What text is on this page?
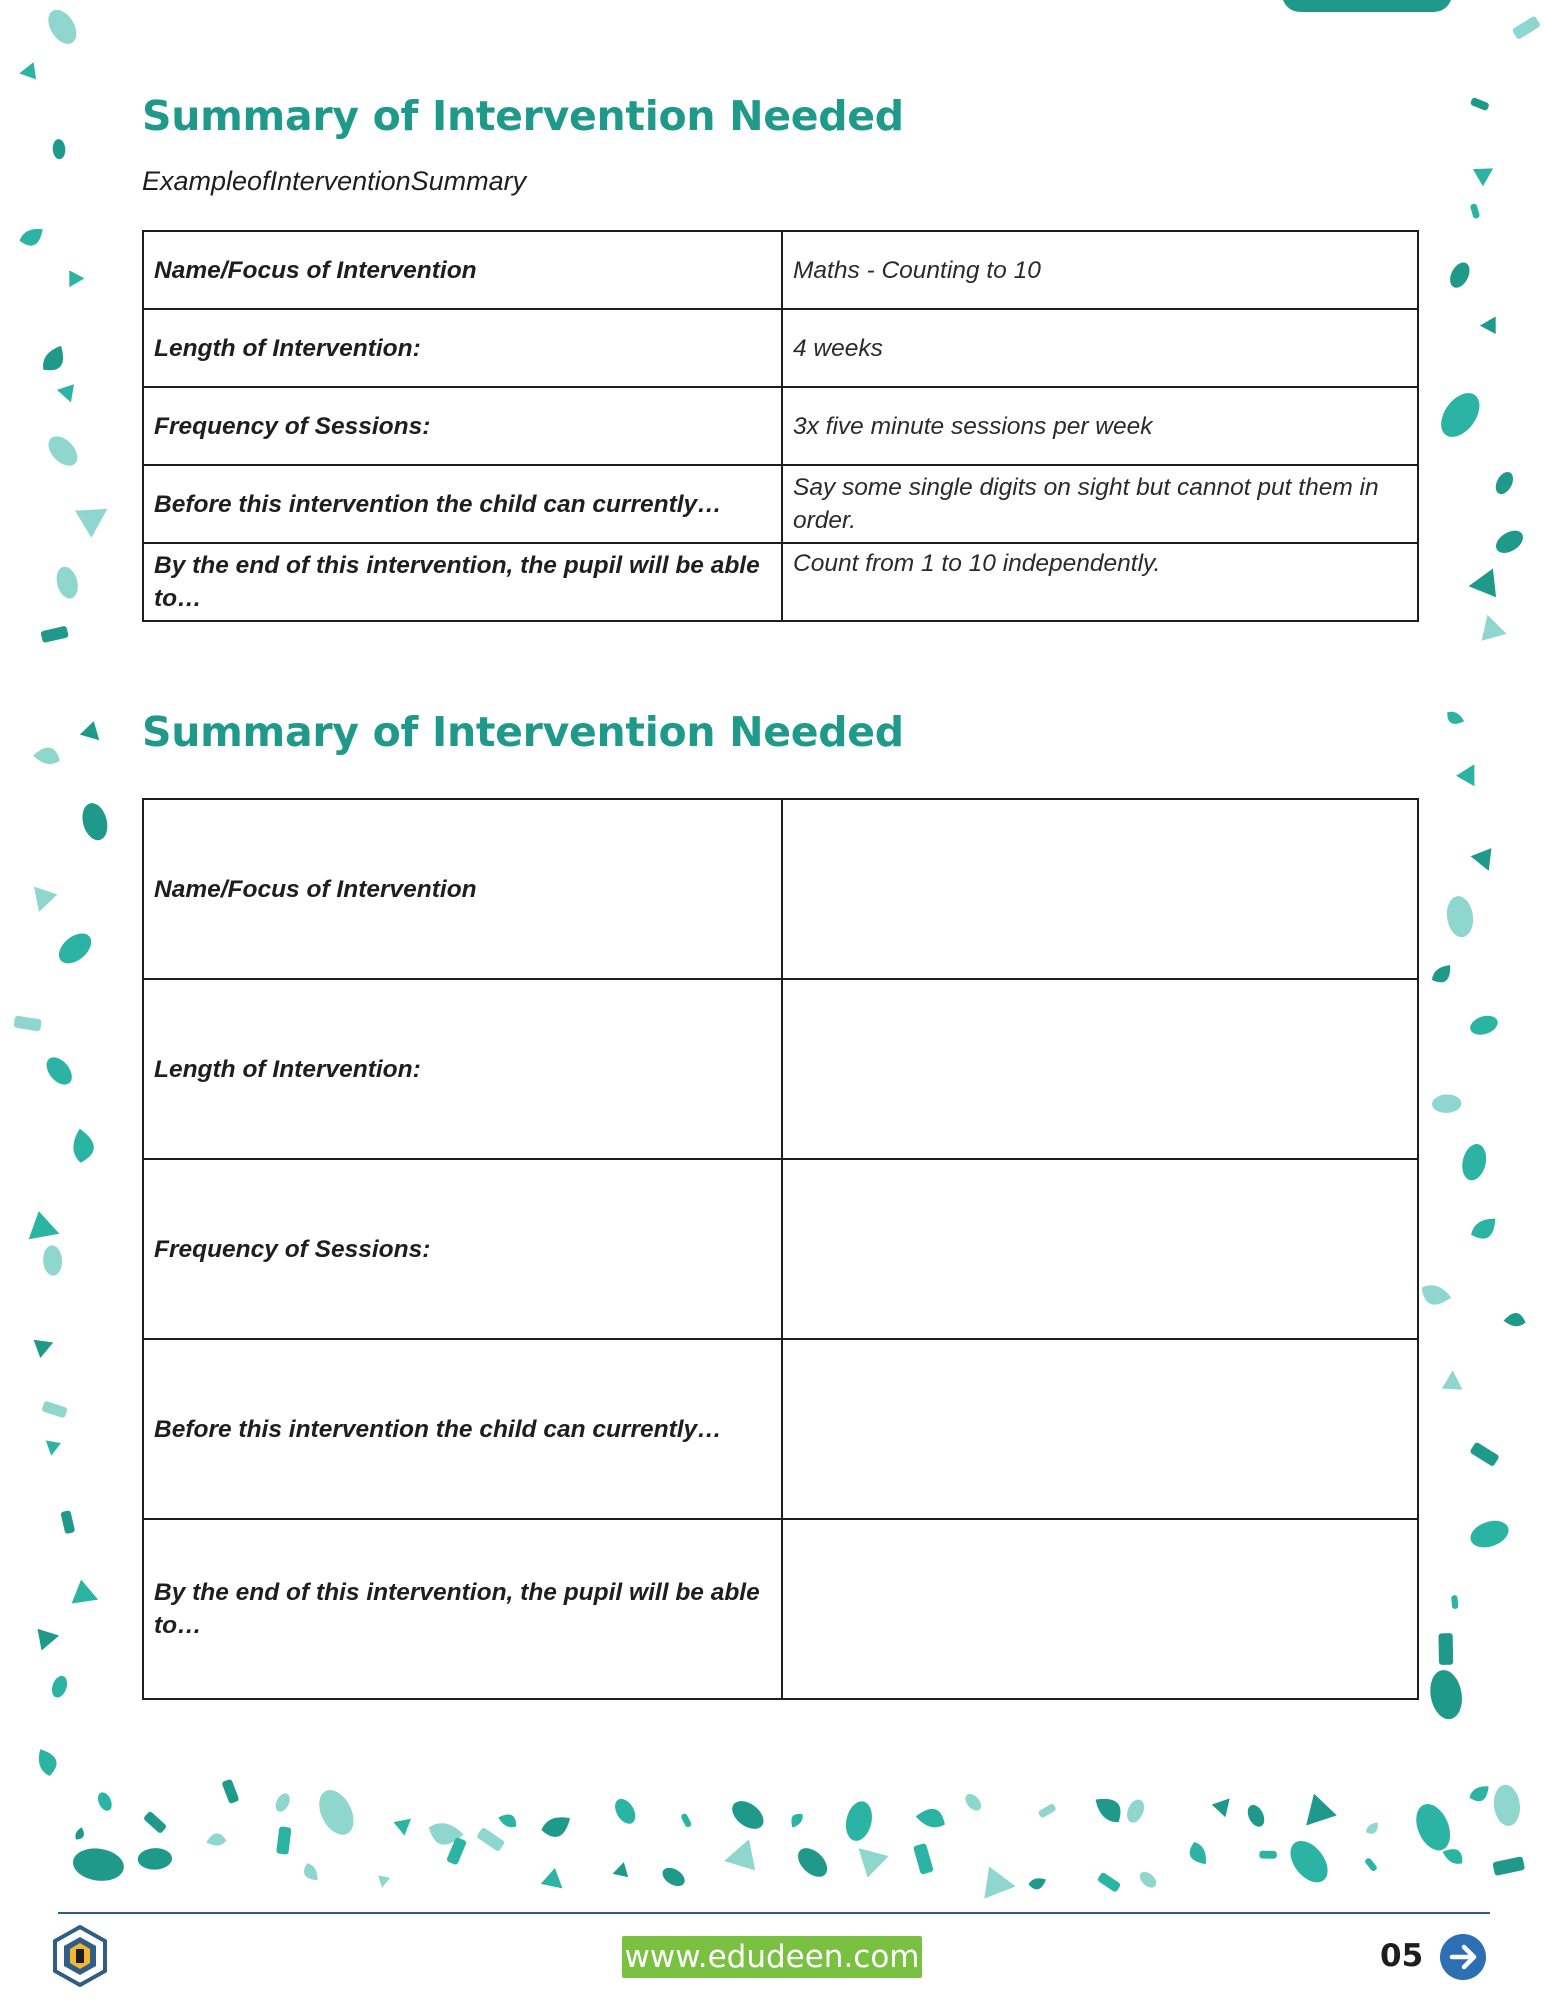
Summary of Intervention Needed

ExampleofInterventionSummary

Name/Focus of Intervention	Maths - Counting to 10
Length of Intervention:	4 weeks
Frequency of Sessions:	3x five minute sessions per week
Before this intervention the child can currently…	Say some single digits on sight but cannot put them in order.
By the end of this intervention, the pupil will be able to…	Count from 1 to 10 independently.
Summary of Intervention Needed
Name/Focus of Intervention	
Length of Intervention:	
Frequency of Sessions:	
Before this intervention the child can currently…	
By the end of this intervention, the pupil will be able to…	
www.edudeen.com	05
